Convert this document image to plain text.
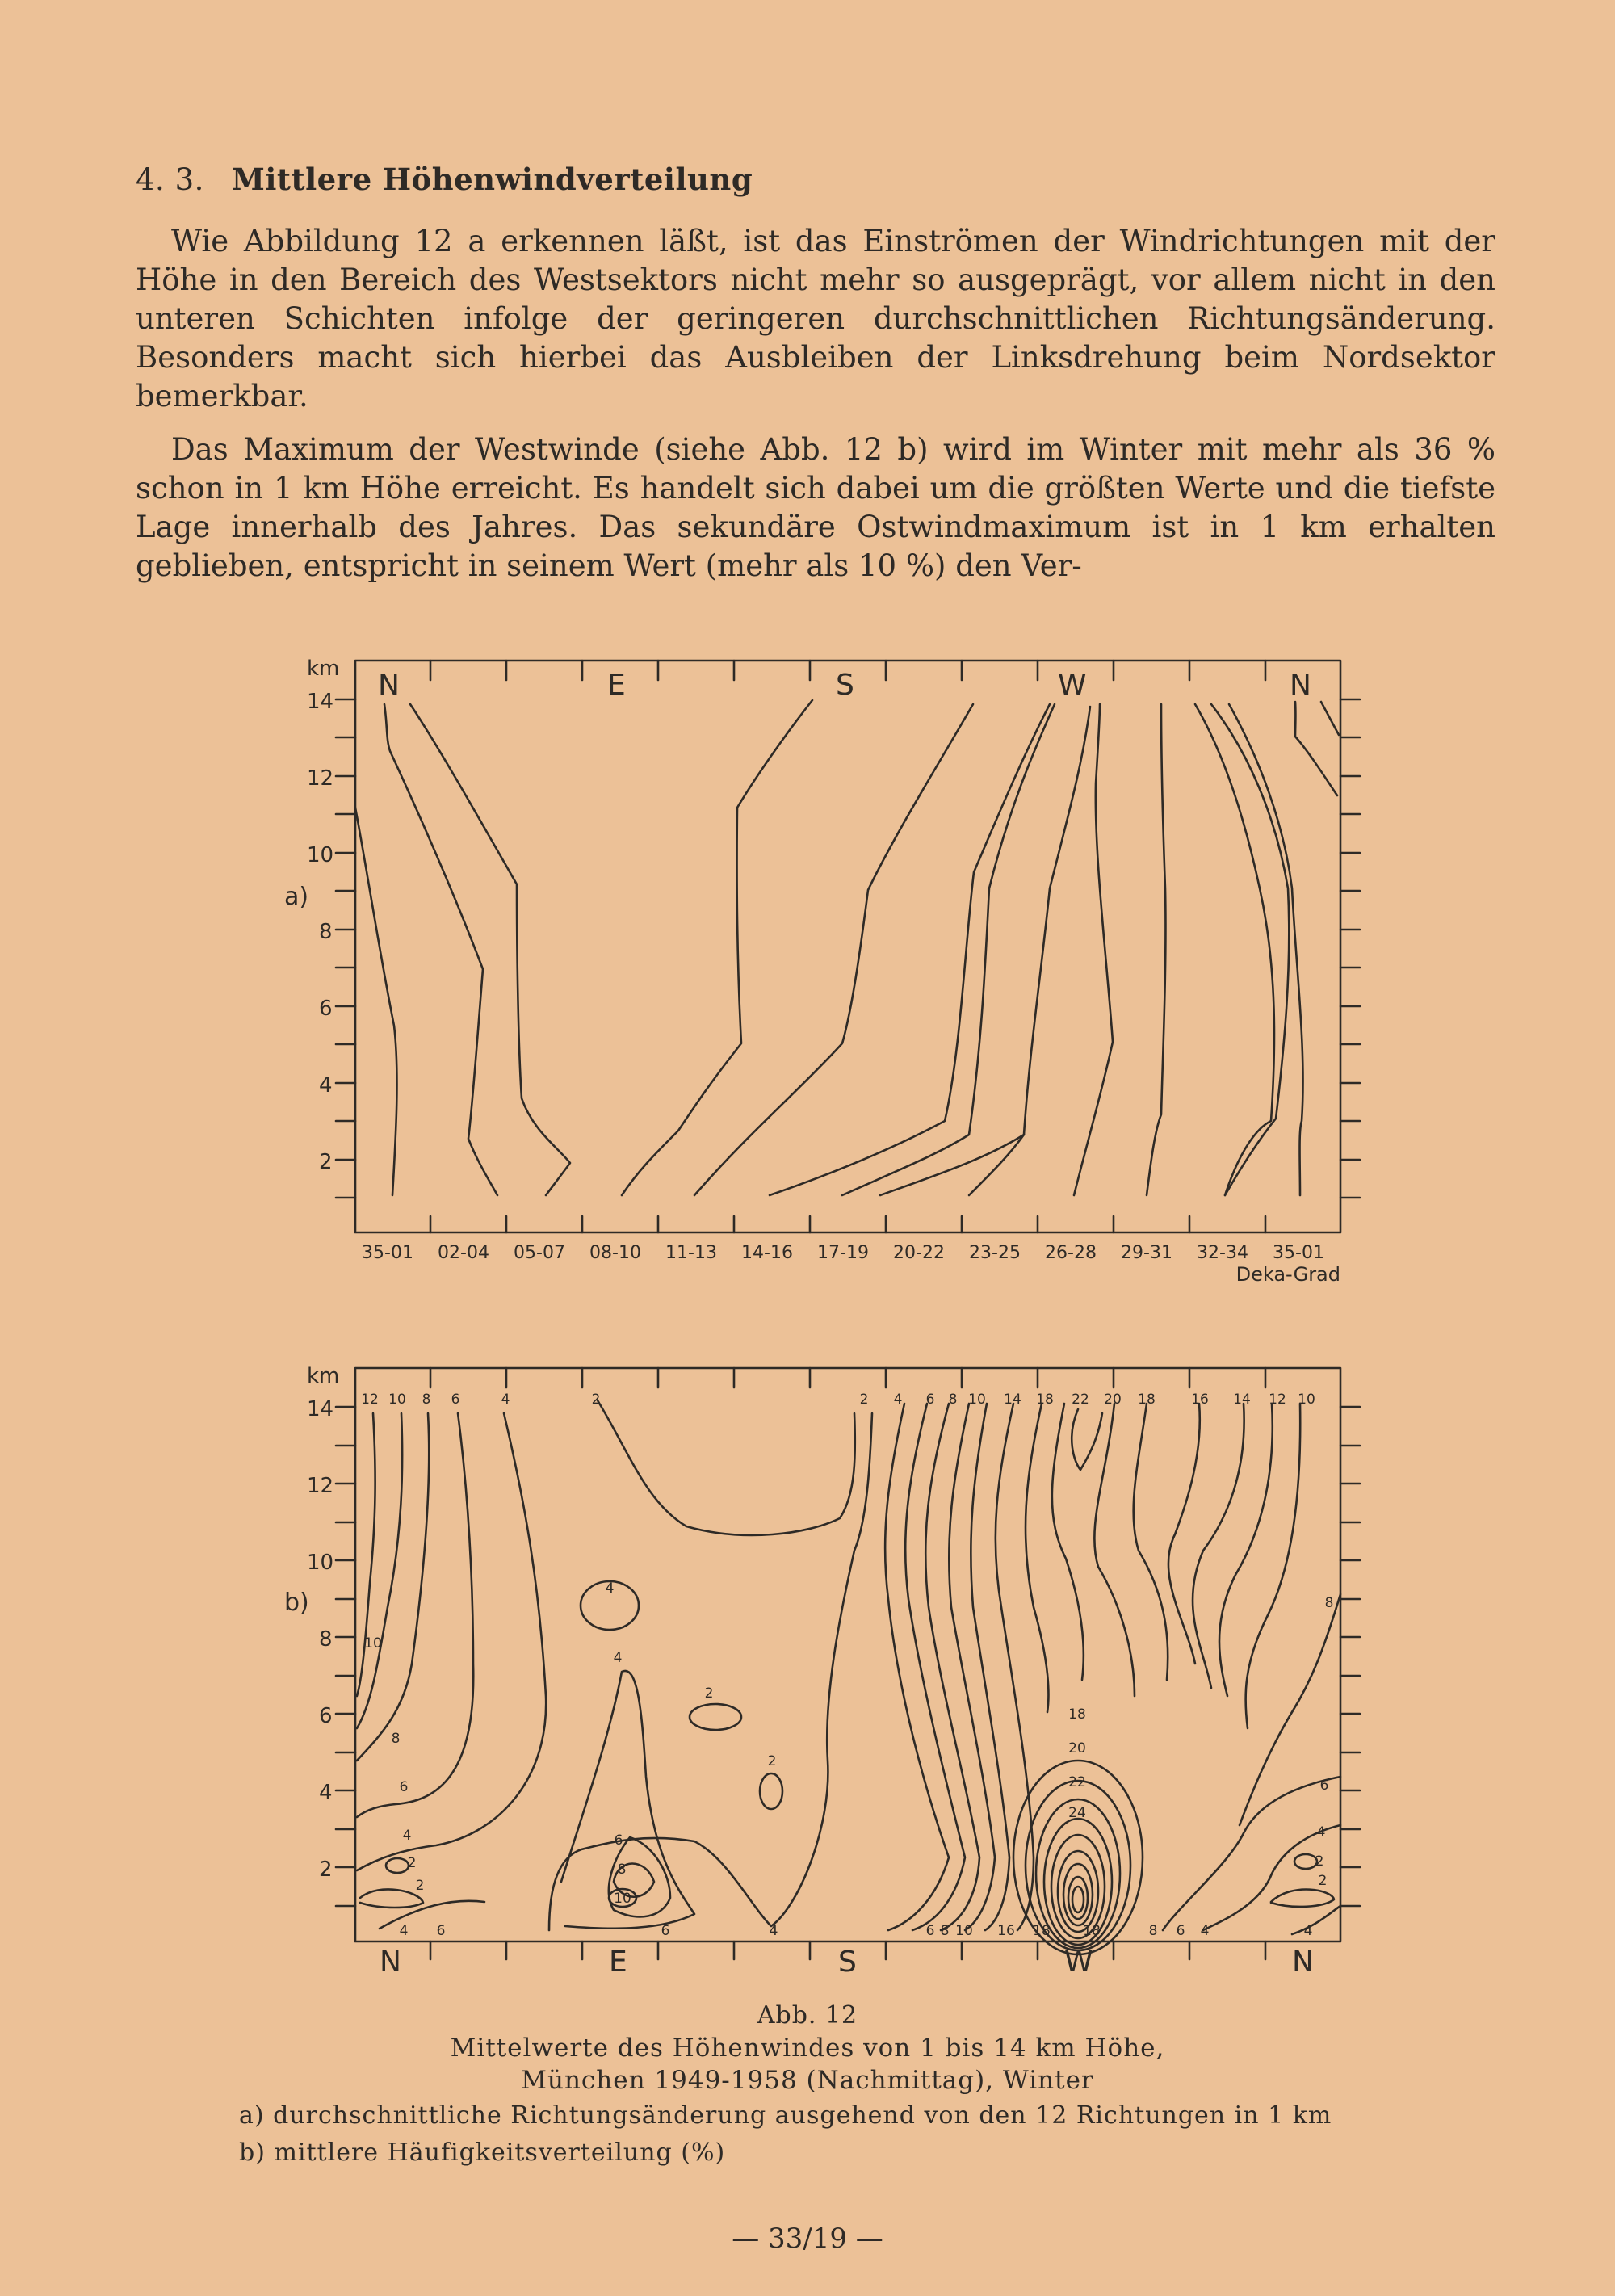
4. 3. Mittlere Höhenwindverteilung
Wie Abbildung 12 a erkennen läßt, ist das Einströmen der Windrichtungen mit der Höhe in den Bereich des Westsektors nicht mehr so ausgeprägt, vor allem nicht in den unteren Schichten infolge der geringeren durchschnittlichen Richtungsänderung. Besonders macht sich hierbei das Ausbleiben der Linksdrehung beim Nordsektor bemerkbar.
Das Maximum der Westwinde (siehe Abb. 12 b) wird im Winter mit mehr als 36 % schon in 1 km Höhe erreicht. Es handelt sich dabei um die größten Werte und die tiefste Lage innerhalb des Jahres. Das sekundäre Ostwindmaximum ist in 1 km erhalten geblieben, entspricht in seinem Wert (mehr als 10 %) den Ver-
km
14
12
10
8
6
4
2
a)
N	E	S	W	N
35-01 02-04 05-07 08-10 11-13 14-16 17-19 20-22 23-25 26-28 29-31 32-34 35-01
Deka-Grad
km
14
12
10
8
6
4
2
b)
N	E	S	W	N
12 10 8 6	4	2	2 4 6 8 10 14 18 22 20 18	16 14 12 10
4 6	6	4	6 8 10 16 18 18	8 6 4	4
10
8
6
4
2
2
4
4
2
2
6
8
10
18
20
22
24
8
6
4
2
2
Abb. 12
Mittelwerte des Höhenwindes von 1 bis 14 km Höhe,
München 1949-1958 (Nachmittag), Winter
a) durchschnittliche Richtungsänderung ausgehend von den 12 Richtungen in 1 km
b) mittlere Häufigkeitsverteilung (%)
— 33/19 —
